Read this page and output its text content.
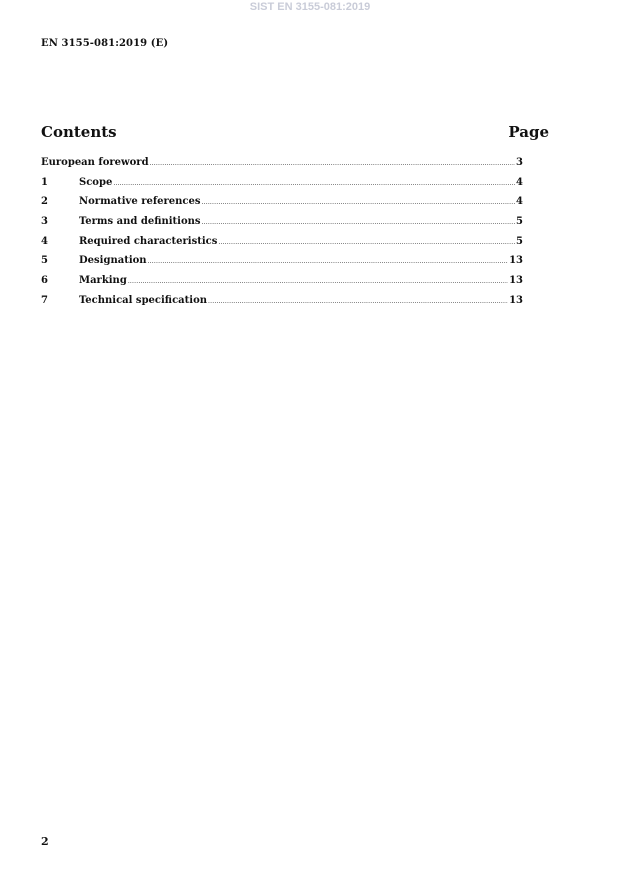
SIST EN 3155-081:2019
EN 3155-081:2019 (E)
Contents	Page
European foreword .....	3
1	Scope .....	4
2	Normative references .....	4
3	Terms and definitions .....	5
4	Required characteristics .....	5
5	Designation .....	13
6	Marking .....	13
7	Technical specification .....	13
2
